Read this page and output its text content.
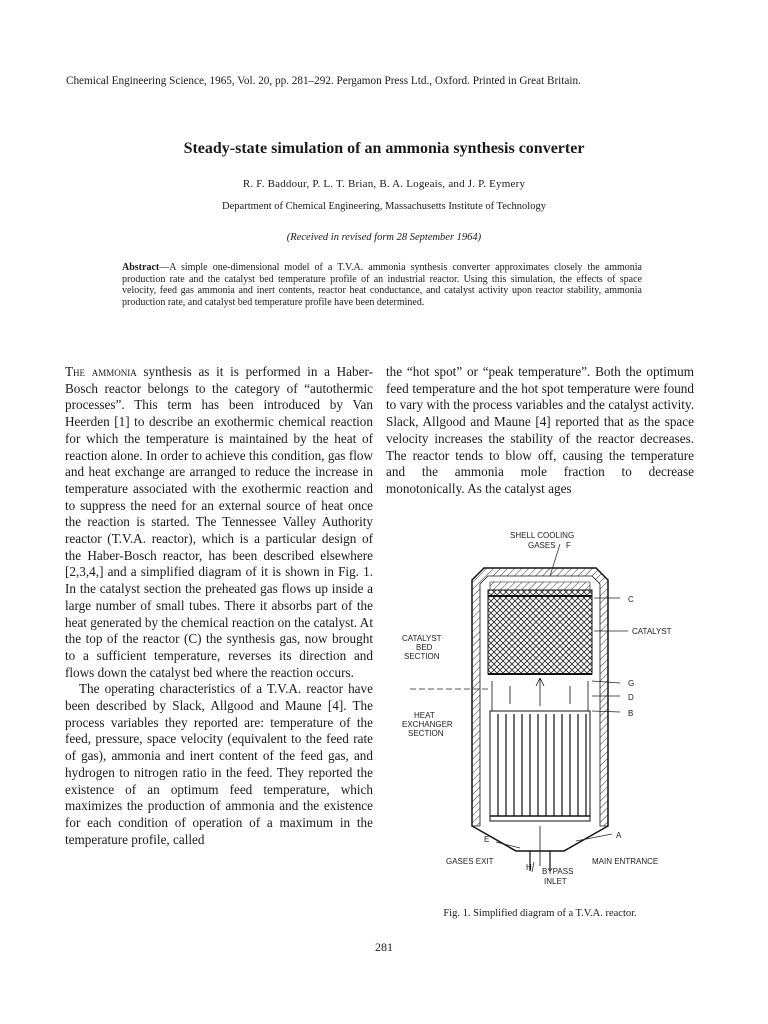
Chemical Engineering Science, 1965, Vol. 20, pp. 281–292. Pergamon Press Ltd., Oxford. Printed in Great Britain.
Steady-state simulation of an ammonia synthesis converter
R. F. Baddour, P. L. T. Brian, B. A. Logeais, and J. P. Eymery
Department of Chemical Engineering, Massachusetts Institute of Technology
(Received in revised form 28 September 1964)
Abstract—A simple one-dimensional model of a T.V.A. ammonia synthesis converter approximates closely the ammonia production rate and the catalyst bed temperature profile of an industrial reactor. Using this simulation, the effects of space velocity, feed gas ammonia and inert contents, reactor heat conductance, and catalyst activity upon reactor stability, ammonia production rate, and catalyst bed temperature profile have been determined.

The ammonia synthesis as it is performed in a Haber-Bosch reactor belongs to the category of “autothermic processes”. This term has been introduced by Van Heerden [1] to describe an exothermic chemical reaction for which the temperature is maintained by the heat of reaction alone. In order to achieve this condition, gas flow and heat exchange are arranged to reduce the increase in temperature associated with the exothermic reaction and to suppress the need for an external source of heat once the reaction is started. The Tennessee Valley Authority reactor (T.V.A. reactor), which is a particular design of the Haber-Bosch reactor, has been described elsewhere [2,3,4,] and a simplified diagram of it is shown in Fig. 1. In the catalyst section the preheated gas flows up inside a large number of small tubes. There it absorbs part of the heat generated by the chemical reaction on the catalyst. At the top of the reactor (C) the synthesis gas, now brought to a sufficient temperature, reverses its direction and flows down the catalyst bed where the reaction occurs.

The operating characteristics of a T.V.A. reactor have been described by Slack, Allgood and Maune [4]. The process variables they reported are: temperature of the feed, pressure, space velocity (equivalent to the feed rate of gas), ammonia and inert content of the feed gas, and hydrogen to nitrogen ratio in the feed. They reported the existence of an optimum feed temperature, which maximizes the production of ammonia and the existence for each condition of operation of a maximum in the temperature profile, called

the “hot spot” or “peak temperature”. Both the optimum feed temperature and the hot spot temperature were found to vary with the process variables and the catalyst activity. Slack, Allgood and Maune [4] reported that as the space velocity increases the stability of the reactor decreases. The reactor tends to blow off, causing the temperature and the ammonia mole fraction to decrease monotonically. As the catalyst ages

SHELL COOLING
GASES F
C
CATALYST
CATALYST
BED
SECTION
G
D
B
HEAT
EXCHANGER
SECTION
E	A
GASES EXIT
H BYPASS
INLET
MAIN ENTRANCE
Fig. 1. Simplified diagram of a T.V.A. reactor.
281
